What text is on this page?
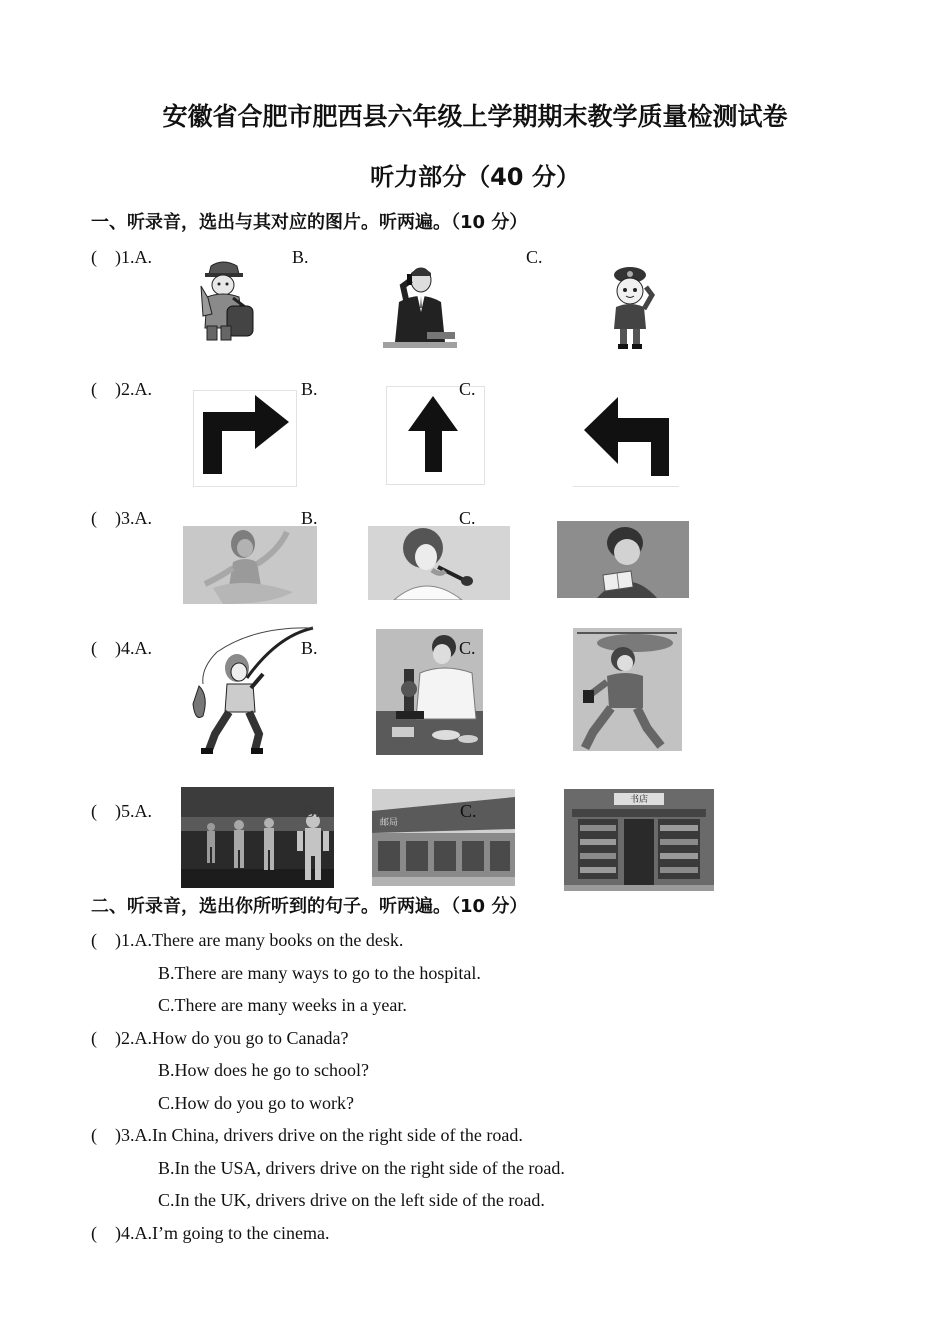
安徽省合肥市肥西县六年级上学期期末教学质量检测试卷
听力部分（40 分）
一、听录音，选出与其对应的图片。听两遍。（10 分）
(    )1.A.	B.	C.
(    )2.A.	B.	C.
(    )3.A.	B.	C.
(    )4.A.	B.	C.
(    )5.A.	B.	C.
邮局
书店
二、听录音，选出你所听到的句子。听两遍。（10 分）
(    )1.A.There are many books on the desk.
B.There are many ways to go to the hospital.
C.There are many weeks in a year.
(    )2.A.How do you go to Canada?
B.How does he go to school?
C.How do you go to work?
(    )3.A.In China, drivers drive on the right side of the road.
B.In the USA, drivers drive on the right side of the road.
C.In the UK, drivers drive on the left side of the road.
(    )4.A.I’m going to the cinema.
